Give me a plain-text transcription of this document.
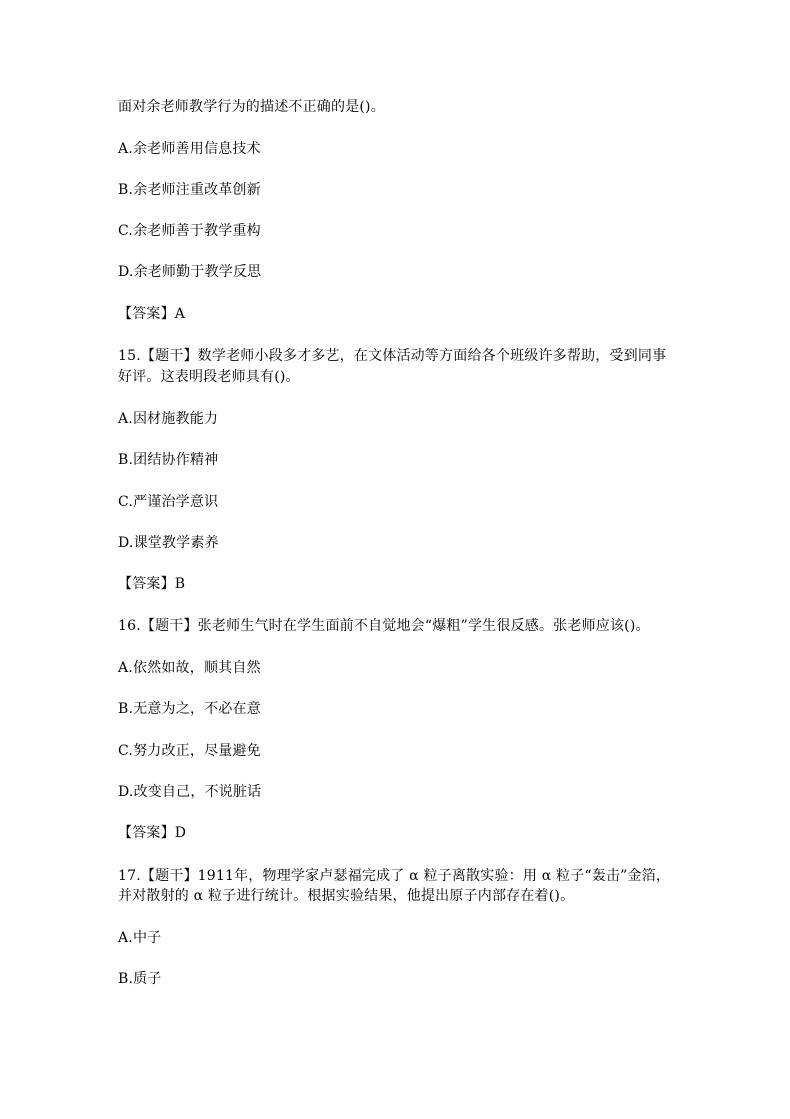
面对余老师教学行为的描述不正确的是()。
A.余老师善用信息技术
B.余老师注重改革创新
C.余老师善于教学重构
D.余老师勤于教学反思
【答案】A
15.【题干】数学老师小段多才多艺，在文体活动等方面给各个班级许多帮助，受到同事
好评。这表明段老师具有()。
A.因材施教能力
B.团结协作精神
C.严谨治学意识
D.课堂教学素养
【答案】B
16.【题干】张老师生气时在学生面前不自觉地会“爆粗”学生很反感。张老师应该()。
A.依然如故，顺其自然
B.无意为之，不必在意
C.努力改正，尽量避免
D.改变自己，不说脏话
【答案】D
17.【题干】1911年，物理学家卢瑟福完成了 α 粒子离散实验：用 α 粒子“轰击”金箔，
并对散射的 α 粒子进行统计。根据实验结果，他提出原子内部存在着()。
A.中子
B.质子
